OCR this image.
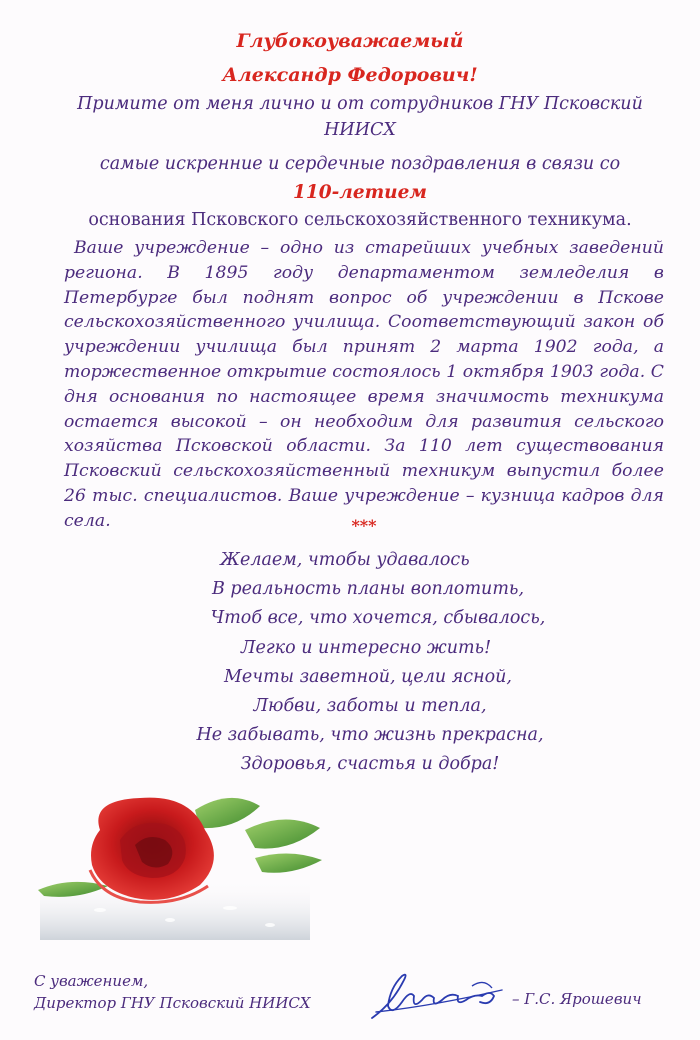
Глубокоуважаемый
Александр Федорович!
Примите от меня лично и от сотрудников ГНУ Псковский
НИИСХ
самые искренние и сердечные поздравления в связи со
110-летием
основания Псковского сельскохозяйственного техникума.
Ваше учреждение – одно из старейших учебных заведений региона. В 1895 году департаментом земледелия в Петербурге был поднят вопрос об учреждении в Пскове сельскохозяйственного училища. Соответствующий закон об учреждении училища был принят 2 марта 1902 года, а торжественное открытие состоялось 1 октября 1903 года. С дня основания по настоящее время значимость техникума остается высокой – он необходим для развития сельского хозяйства Псковской области. За 110 лет существования Псковский сельскохозяйственный техникум выпустил более 26 тыс. специалистов. Ваше учреждение – кузница кадров для села.	***
Желаем, чтобы удавалось
В реальность планы воплотить,
Чтоб все, что хочется, сбывалось,
Легко и интересно жить!
Мечты заветной, цели ясной,
Любви, заботы и тепла,
Не забывать, что жизнь прекрасна,
Здоровья, счастья и добра!
С уважением,
Директор ГНУ Псковский НИИСХ	– Г.С. Ярошевич
